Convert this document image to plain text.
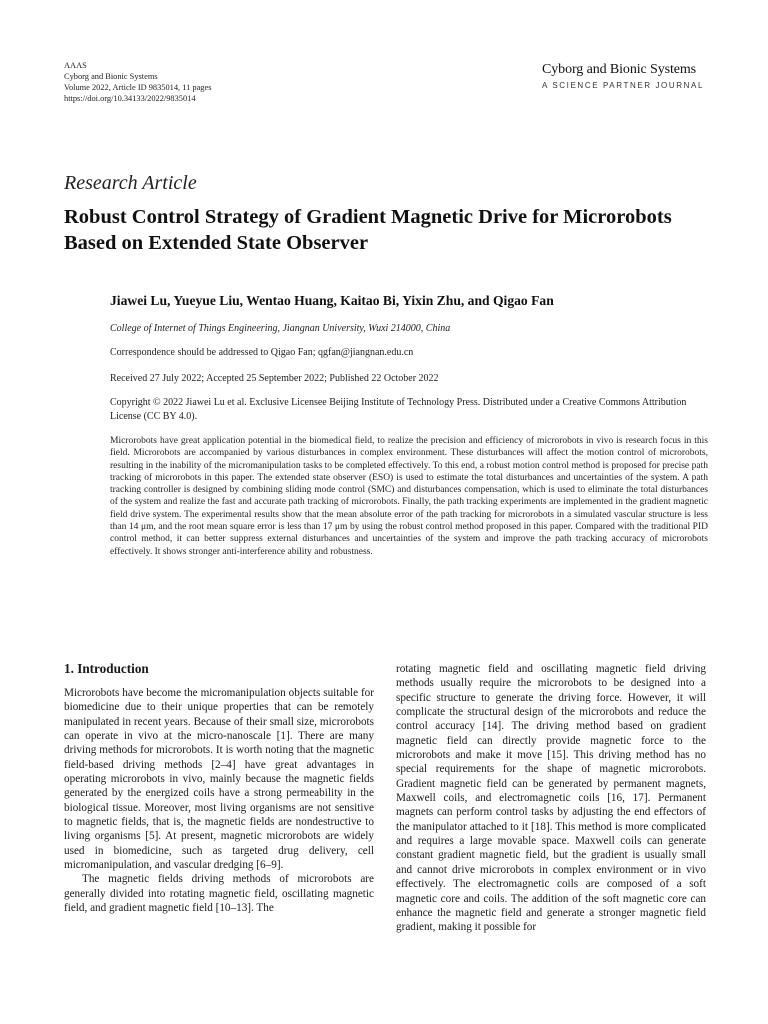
AAAS
Cyborg and Bionic Systems
Volume 2022, Article ID 9835014, 11 pages
https://doi.org/10.34133/2022/9835014
Cyborg and Bionic Systems
A SCIENCE PARTNER JOURNAL
Research Article
Robust Control Strategy of Gradient Magnetic Drive for Microrobots Based on Extended State Observer
Jiawei Lu, Yueyue Liu, Wentao Huang, Kaitao Bi, Yixin Zhu, and Qigao Fan
College of Internet of Things Engineering, Jiangnan University, Wuxi 214000, China
Correspondence should be addressed to Qigao Fan; qgfan@jiangnan.edu.cn
Received 27 July 2022; Accepted 25 September 2022; Published 22 October 2022
Copyright © 2022 Jiawei Lu et al. Exclusive Licensee Beijing Institute of Technology Press. Distributed under a Creative Commons Attribution License (CC BY 4.0).
Microrobots have great application potential in the biomedical field, to realize the precision and efficiency of microrobots in vivo is research focus in this field. Microrobots are accompanied by various disturbances in complex environment. These disturbances will affect the motion control of microrobots, resulting in the inability of the micromanipulation tasks to be completed effectively. To this end, a robust motion control method is proposed for precise path tracking of microrobots in this paper. The extended state observer (ESO) is used to estimate the total disturbances and uncertainties of the system. A path tracking controller is designed by combining sliding mode control (SMC) and disturbances compensation, which is used to eliminate the total disturbances of the system and realize the fast and accurate path tracking of microrobots. Finally, the path tracking experiments are implemented in the gradient magnetic field drive system. The experimental results show that the mean absolute error of the path tracking for microrobots in a simulated vascular structure is less than 14 μm, and the root mean square error is less than 17 μm by using the robust control method proposed in this paper. Compared with the traditional PID control method, it can better suppress external disturbances and uncertainties of the system and improve the path tracking accuracy of microrobots effectively. It shows stronger anti-interference ability and robustness.
1. Introduction

Microrobots have become the micromanipulation objects suitable for biomedicine due to their unique properties that can be remotely manipulated in recent years. Because of their small size, microrobots can operate in vivo at the micro-nanoscale [1]. There are many driving methods for microrobots. It is worth noting that the magnetic field-based driving methods [2–4] have great advantages in operating microrobots in vivo, mainly because the magnetic fields generated by the energized coils have a strong permeability in the biological tissue. Moreover, most living organisms are not sensitive to magnetic fields, that is, the magnetic fields are nondestructive to living organisms [5]. At present, magnetic microrobots are widely used in biomedicine, such as targeted drug delivery, cell micromanipulation, and vascular dredging [6–9].

The magnetic fields driving methods of microrobots are generally divided into rotating magnetic field, oscillating magnetic field, and gradient magnetic field [10–13]. The

rotating magnetic field and oscillating magnetic field driving methods usually require the microrobots to be designed into a specific structure to generate the driving force. However, it will complicate the structural design of the microrobots and reduce the control accuracy [14]. The driving method based on gradient magnetic field can directly provide magnetic force to the microrobots and make it move [15]. This driving method has no special requirements for the shape of magnetic microrobots. Gradient magnetic field can be generated by permanent magnets, Maxwell coils, and electromagnetic coils [16, 17]. Permanent magnets can perform control tasks by adjusting the end effectors of the manipulator attached to it [18]. This method is more complicated and requires a large movable space. Maxwell coils can generate constant gradient magnetic field, but the gradient is usually small and cannot drive microrobots in complex environment or in vivo effectively. The electromagnetic coils are composed of a soft magnetic core and coils. The addition of the soft magnetic core can enhance the magnetic field and generate a stronger magnetic field gradient, making it possible for
